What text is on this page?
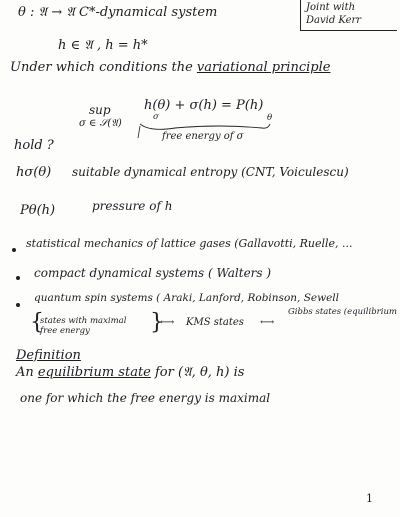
Joint with
David Kerr
θ : 𝔄 → 𝔄 C*-dynamical system
h ∈ 𝔄 , h = h*
Under which conditions the variational principle
sup
σ ∈ 𝒮(𝔄)
h(θ) + σ(h) = P(h)
σ	θ
free energy of σ
hold ?
hσ(θ) suitable dynamical entropy (CNT, Voiculescu)
Pθ(h)	pressure of h
statistical mechanics of lattice gases (Gallavotti, Ruelle, ...
compact dynamical systems ( Walters )
quantum spin systems ( Araki, Lanford, Robinson, Sewell
{
states with maximal free energy	}
⟷ KMS states ⟷
Gibbs states (equilibrium
Definition
An equilibrium state for (𝔄, θ, h) is
one for which the free energy is maximal
1
